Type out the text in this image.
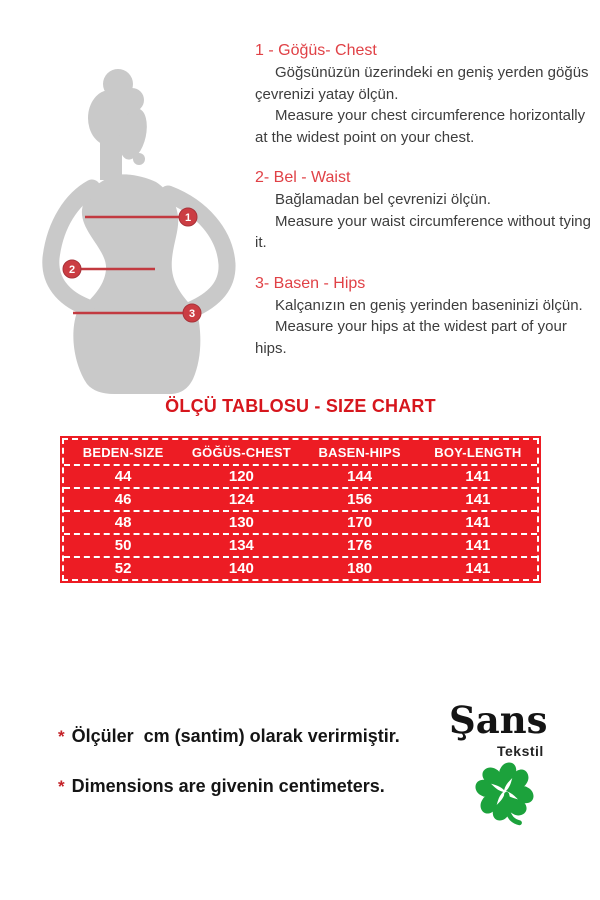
1
2
3
1 - Göğüs- Chest

Göğsünüzün üzerindeki en geniş yerden göğüs çevrenizi yatay ölçün.

Measure your chest circumference horizontally at the widest point on your chest.

2- Bel - Waist

Bağlamadan bel çevrenizi ölçün.

Measure your waist circumference without tying it.

3- Basen - Hips

Kalçanızın en geniş yerinden baseninizi ölçün.

Measure your hips at the widest part of your hips.

ÖLÇÜ TABLOSU - SIZE CHART
BEDEN-SIZE	GÖĞÜS-CHEST	BASEN-HIPS	BOY-LENGTH
44	120	144	141
46	124	156	141
48	130	170	141
50	134	176	141
52	140	180	141
* Ölçüler  cm (santim) olarak verirmiştir.
* Dimensions are givenin centimeters.
Şans
Tekstil
